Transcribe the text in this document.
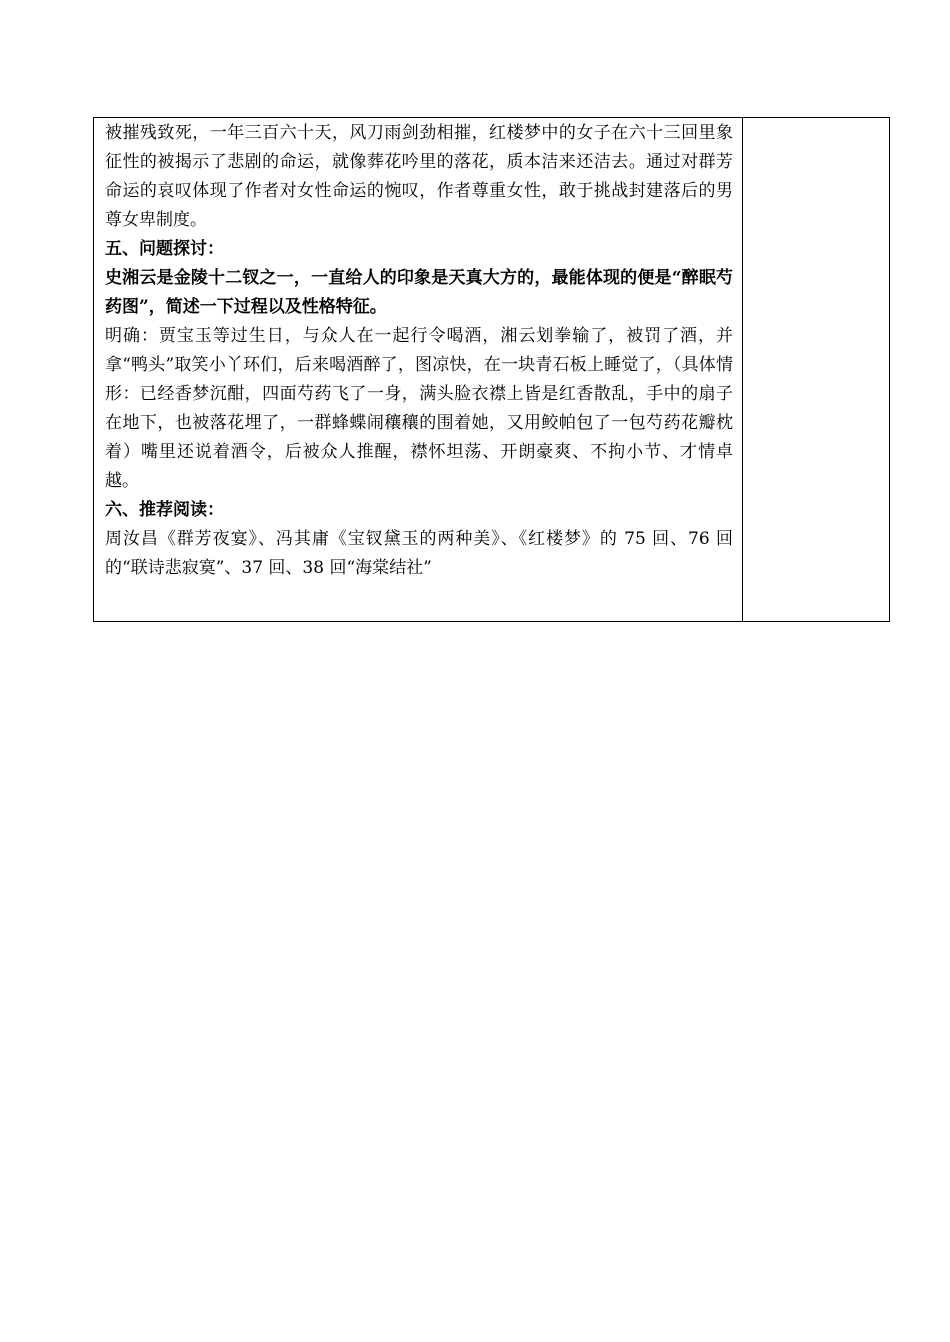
被摧残致死，一年三百六十天，风刀雨剑劲相摧，红楼梦中的女子在六十三回里象征性的被揭示了悲剧的命运，就像葬花吟里的落花，质本洁来还洁去。通过对群芳命运的哀叹体现了作者对女性命运的惋叹，作者尊重女性，敢于挑战封建落后的男尊女卑制度。

五、问题探讨：

史湘云是金陵十二钗之一，一直给人的印象是天真大方的，最能体现的便是“醉眠芍药图”，简述一下过程以及性格特征。

明确：贾宝玉等过生日，与众人在一起行令喝酒，湘云划拳输了，被罚了酒，并拿“鸭头”取笑小丫环们，后来喝酒醉了，图凉快，在一块青石板上睡觉了，（具体情形：已经香梦沉酣，四面芍药飞了一身，满头脸衣襟上皆是红香散乱，手中的扇子在地下，也被落花埋了，一群蜂蝶闹穰穰的围着她，又用鲛帕包了一包芍药花瓣枕着）嘴里还说着酒令，后被众人推醒，襟怀坦荡、开朗豪爽、不拘小节、才情卓越。

六、推荐阅读：

周汝昌《群芳夜宴》、冯其庸《宝钗黛玉的两种美》、《红楼梦》的 75 回、76 回的“联诗悲寂寞”、37 回、38 回“海棠结社”
